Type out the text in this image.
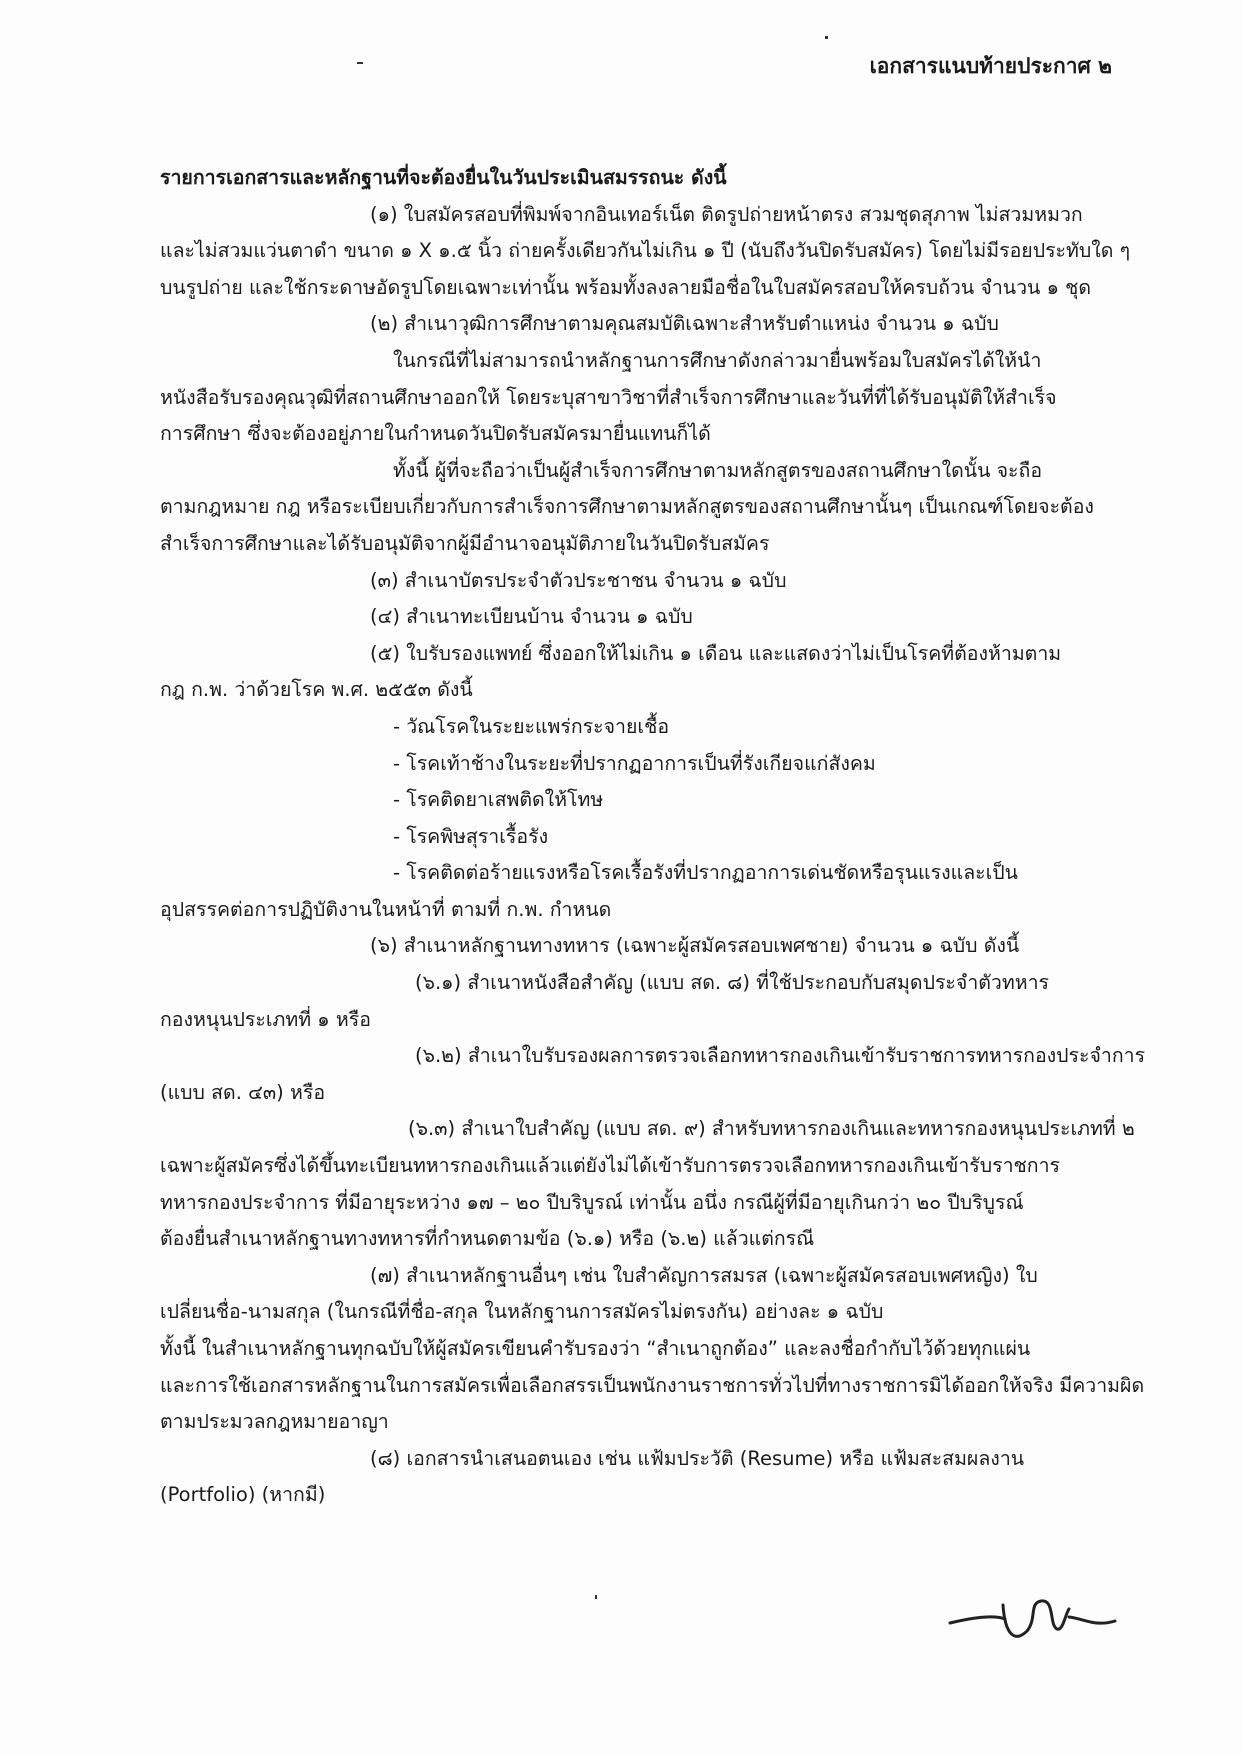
เอกสารแนบท้ายประกาศ ๒

รายการเอกสารและหลักฐานที่จะต้องยื่นในวันประเมินสมรรถนะ ดังนี้

(๑) ใบสมัครสอบที่พิมพ์จากอินเทอร์เน็ต ติดรูปถ่ายหน้าตรง สวมชุดสุภาพ ไม่สวมหมวก

และไม่สวมแว่นตาดำ ขนาด ๑ X ๑.๕ นิ้ว ถ่ายครั้งเดียวกันไม่เกิน ๑ ปี (นับถึงวันปิดรับสมัคร) โดยไม่มีรอยประทับใด ๆ

บนรูปถ่าย และใช้กระดาษอัดรูปโดยเฉพาะเท่านั้น พร้อมทั้งลงลายมือชื่อในใบสมัครสอบให้ครบถ้วน จำนวน ๑ ชุด

(๒) สำเนาวุฒิการศึกษาตามคุณสมบัติเฉพาะสำหรับตำแหน่ง จำนวน ๑ ฉบับ

ในกรณีที่ไม่สามารถนำหลักฐานการศึกษาดังกล่าวมายื่นพร้อมใบสมัครได้ให้นำ

หนังสือรับรองคุณวุฒิที่สถานศึกษาออกให้ โดยระบุสาขาวิชาที่สำเร็จการศึกษาและวันที่ที่ได้รับอนุมัติให้สำเร็จ

การศึกษา ซึ่งจะต้องอยู่ภายในกำหนดวันปิดรับสมัครมายื่นแทนก็ได้

ทั้งนี้ ผู้ที่จะถือว่าเป็นผู้สำเร็จการศึกษาตามหลักสูตรของสถานศึกษาใดนั้น จะถือ

ตามกฎหมาย กฎ หรือระเบียบเกี่ยวกับการสำเร็จการศึกษาตามหลักสูตรของสถานศึกษานั้นๆ เป็นเกณฑ์โดยจะต้อง

สำเร็จการศึกษาและได้รับอนุมัติจากผู้มีอำนาจอนุมัติภายในวันปิดรับสมัคร

(๓) สำเนาบัตรประจำตัวประชาชน จำนวน ๑ ฉบับ

(๔) สำเนาทะเบียนบ้าน จำนวน ๑ ฉบับ

(๕) ใบรับรองแพทย์ ซึ่งออกให้ไม่เกิน ๑ เดือน และแสดงว่าไม่เป็นโรคที่ต้องห้ามตาม

กฎ ก.พ. ว่าด้วยโรค พ.ศ. ๒๕๕๓ ดังนี้

- วัณโรคในระยะแพร่กระจายเชื้อ

- โรคเท้าช้างในระยะที่ปรากฏอาการเป็นที่รังเกียจแก่สังคม

- โรคติดยาเสพติดให้โทษ

- โรคพิษสุราเรื้อรัง

- โรคติดต่อร้ายแรงหรือโรคเรื้อรังที่ปรากฏอาการเด่นชัดหรือรุนแรงและเป็น

อุปสรรคต่อการปฏิบัติงานในหน้าที่ ตามที่ ก.พ. กำหนด

(๖) สำเนาหลักฐานทางทหาร (เฉพาะผู้สมัครสอบเพศชาย) จำนวน ๑ ฉบับ ดังนี้

(๖.๑) สำเนาหนังสือสำคัญ (แบบ สด. ๘) ที่ใช้ประกอบกับสมุดประจำตัวทหาร

กองหนุนประเภทที่ ๑ หรือ

(๖.๒) สำเนาใบรับรองผลการตรวจเลือกทหารกองเกินเข้ารับราชการทหารกองประจำการ

(แบบ สด. ๔๓) หรือ

(๖.๓) สำเนาใบสำคัญ (แบบ สด. ๙) สำหรับทหารกองเกินและทหารกองหนุนประเภทที่ ๒

เฉพาะผู้สมัครซึ่งได้ขึ้นทะเบียนทหารกองเกินแล้วแต่ยังไม่ได้เข้ารับการตรวจเลือกทหารกองเกินเข้ารับราชการ

ทหารกองประจำการ ที่มีอายุระหว่าง ๑๗ – ๒๐ ปีบริบูรณ์ เท่านั้น อนึ่ง กรณีผู้ที่มีอายุเกินกว่า ๒๐ ปีบริบูรณ์

ต้องยื่นสำเนาหลักฐานทางทหารที่กำหนดตามข้อ (๖.๑) หรือ (๖.๒) แล้วแต่กรณี

(๗) สำเนาหลักฐานอื่นๆ เช่น ใบสำคัญการสมรส (เฉพาะผู้สมัครสอบเพศหญิง) ใบ

เปลี่ยนชื่อ-นามสกุล (ในกรณีที่ชื่อ-สกุล ในหลักฐานการสมัครไม่ตรงกัน) อย่างละ ๑ ฉบับ

ทั้งนี้ ในสำเนาหลักฐานทุกฉบับให้ผู้สมัครเขียนคำรับรองว่า “สำเนาถูกต้อง” และลงชื่อกำกับไว้ด้วยทุกแผ่น

และการใช้เอกสารหลักฐานในการสมัครเพื่อเลือกสรรเป็นพนักงานราชการทั่วไปที่ทางราชการมิได้ออกให้จริง มีความผิด

ตามประมวลกฎหมายอาญา

(๘) เอกสารนำเสนอตนเอง เช่น แฟ้มประวัติ (Resume) หรือ แฟ้มสะสมผลงาน

(Portfolio) (หากมี)
